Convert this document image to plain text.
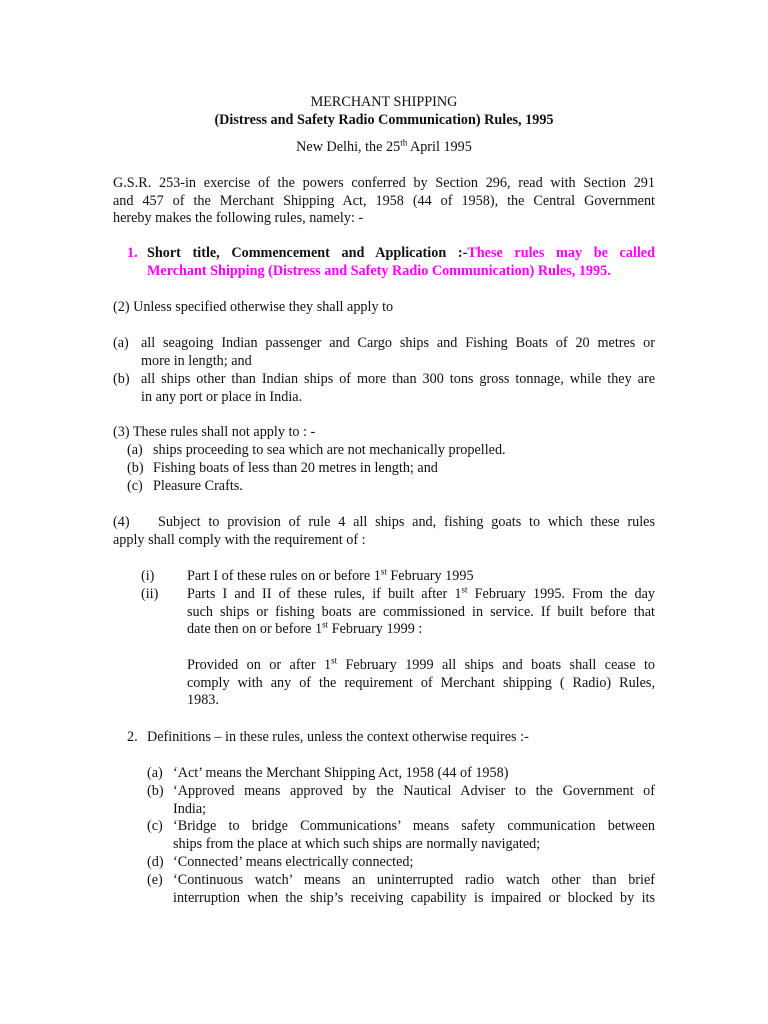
MERCHANT SHIPPING
(Distress and Safety Radio Communication) Rules, 1995
New Delhi, the 25th April 1995
G.S.R. 253-in exercise of the powers conferred by Section 296, read with Section 291
and 457 of the Merchant Shipping Act, 1958 (44 of 1958), the Central Government
hereby makes the following rules, namely: -
1. Short title, Commencement and Application :-These rules may be called
Merchant Shipping (Distress and Safety Radio Communication) Rules, 1995.
(2) Unless specified otherwise they shall apply to
(a) all seagoing Indian passenger and Cargo ships and Fishing Boats of 20 metres or
more in length; and
(b) all ships other than Indian ships of more than 300 tons gross tonnage, while they are
in any port or place in India.
(3) These rules shall not apply to : -
(a) ships proceeding to sea which are not mechanically propelled.
(b) Fishing boats of less than 20 metres in length; and
(c) Pleasure Crafts.
(4) Subject to provision of rule 4 all ships and, fishing goats to which these rules
apply shall comply with the requirement of :
(i) Part I of these rules on or before 1st February 1995
(ii) Parts I and II of these rules, if built after 1st February 1995. From the day
such ships or fishing boats are commissioned in service. If built before that
date then on or before 1st February 1999 :
Provided on or after 1st February 1999 all ships and boats shall cease to
comply with any of the requirement of Merchant shipping ( Radio) Rules,
1983.
2. Definitions – in these rules, unless the context otherwise requires :-
(a) ‘Act’ means the Merchant Shipping Act, 1958 (44 of 1958)
(b) ‘Approved means approved by the Nautical Adviser to the Government of
India;
(c) ‘Bridge to bridge Communications’ means safety communication between
ships from the place at which such ships are normally navigated;
(d) ‘Connected’ means electrically connected;
(e) ‘Continuous watch’ means an uninterrupted radio watch other than brief
interruption when the ship’s receiving capability is impaired or blocked by its
